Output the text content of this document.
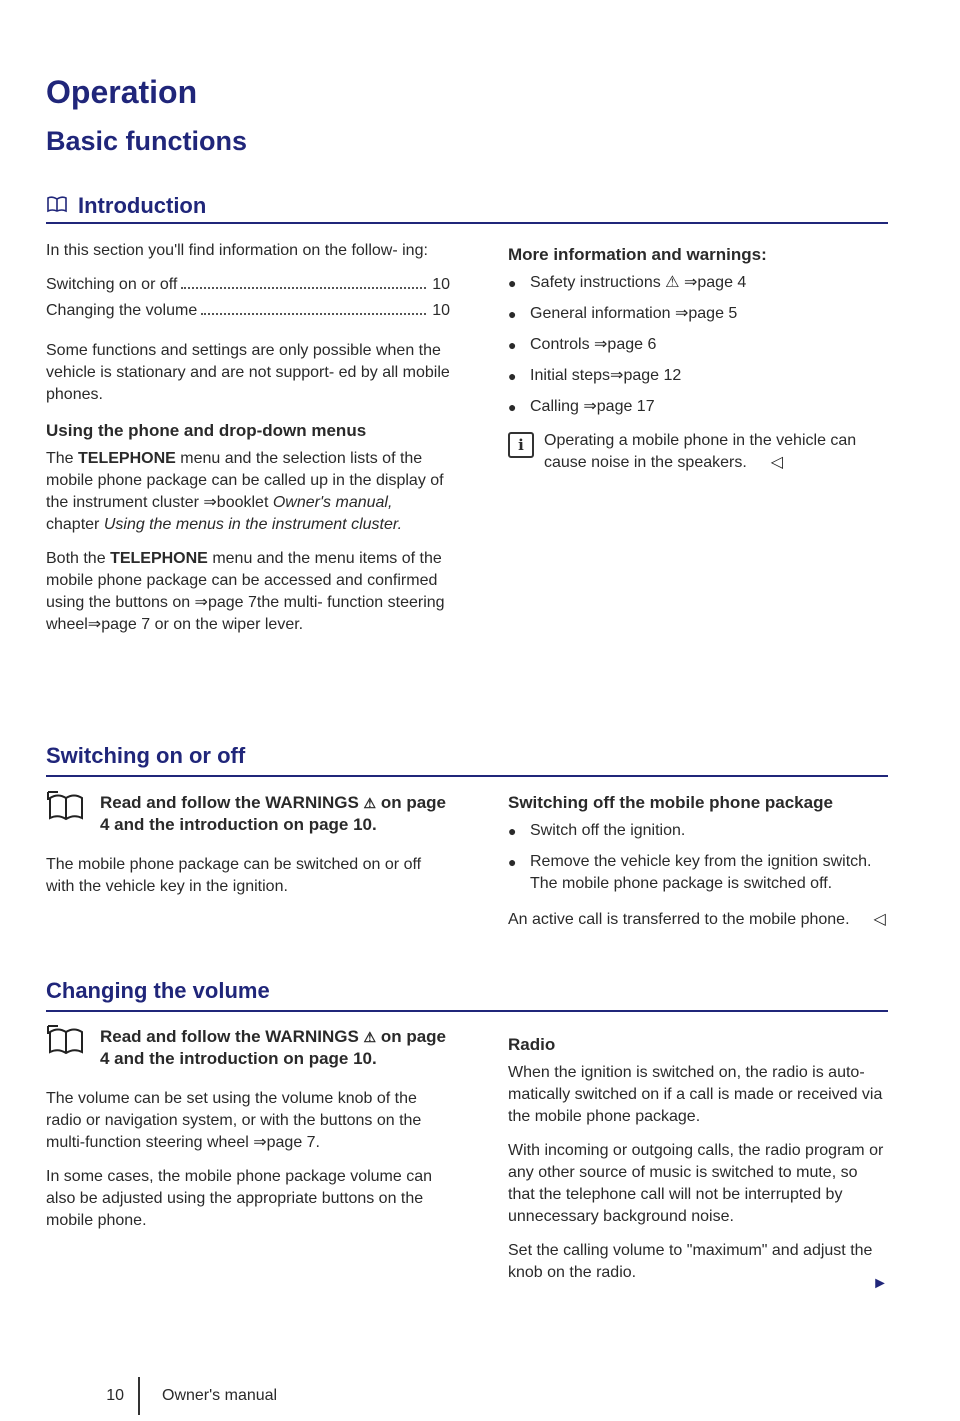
Operation
Basic functions
Introduction

In this section you'll find information on the follow- ing:

Switching on or off	10
Changing the volume	10

Some functions and settings are only possible when the vehicle is stationary and are not support- ed by all mobile phones.

Using the phone and drop-down menus

The TELEPHONE menu and the selection lists of the mobile phone package can be called up in the display of the instrument cluster ⇒booklet Owner's manual, chapter Using the menus in the instrument cluster.

Both the TELEPHONE menu and the menu items of the mobile phone package can be accessed and confirmed using the buttons on ⇒page 7the multi- function steering wheel⇒page 7 or on the wiper lever.

More information and warnings:
● Safety instructions ⚠ ⇒page 4
● General information ⇒page 5
● Controls ⇒page 6
● Initial steps⇒page 12
● Calling ⇒page 17
i	Operating a mobile phone in the vehicle can cause noise in the speakers. ◁
Switching on or off
Read and follow the WARNINGS ⚠ on page 4 and the introduction on page 10.

The mobile phone package can be switched on or off with the vehicle key in the ignition.

Switching off the mobile phone package
● Switch off the ignition.
● Remove the vehicle key from the ignition switch. The mobile phone package is switched off.

An active call is transferred to the mobile phone. ◁

Changing the volume
Read and follow the WARNINGS ⚠ on page 4 and the introduction on page 10.

The volume can be set using the volume knob of the radio or navigation system, or with the buttons on the multi-function steering wheel ⇒page 7.

In some cases, the mobile phone package volume can also be adjusted using the appropriate buttons on the mobile phone.

Radio

When the ignition is switched on, the radio is auto- matically switched on if a call is made or received via the mobile phone package.

With incoming or outgoing calls, the radio program or any other source of music is switched to mute, so that the telephone call will not be interrupted by unnecessary background noise.

Set the calling volume to "maximum" and adjust the knob on the radio.

►
10 Owner's manual
